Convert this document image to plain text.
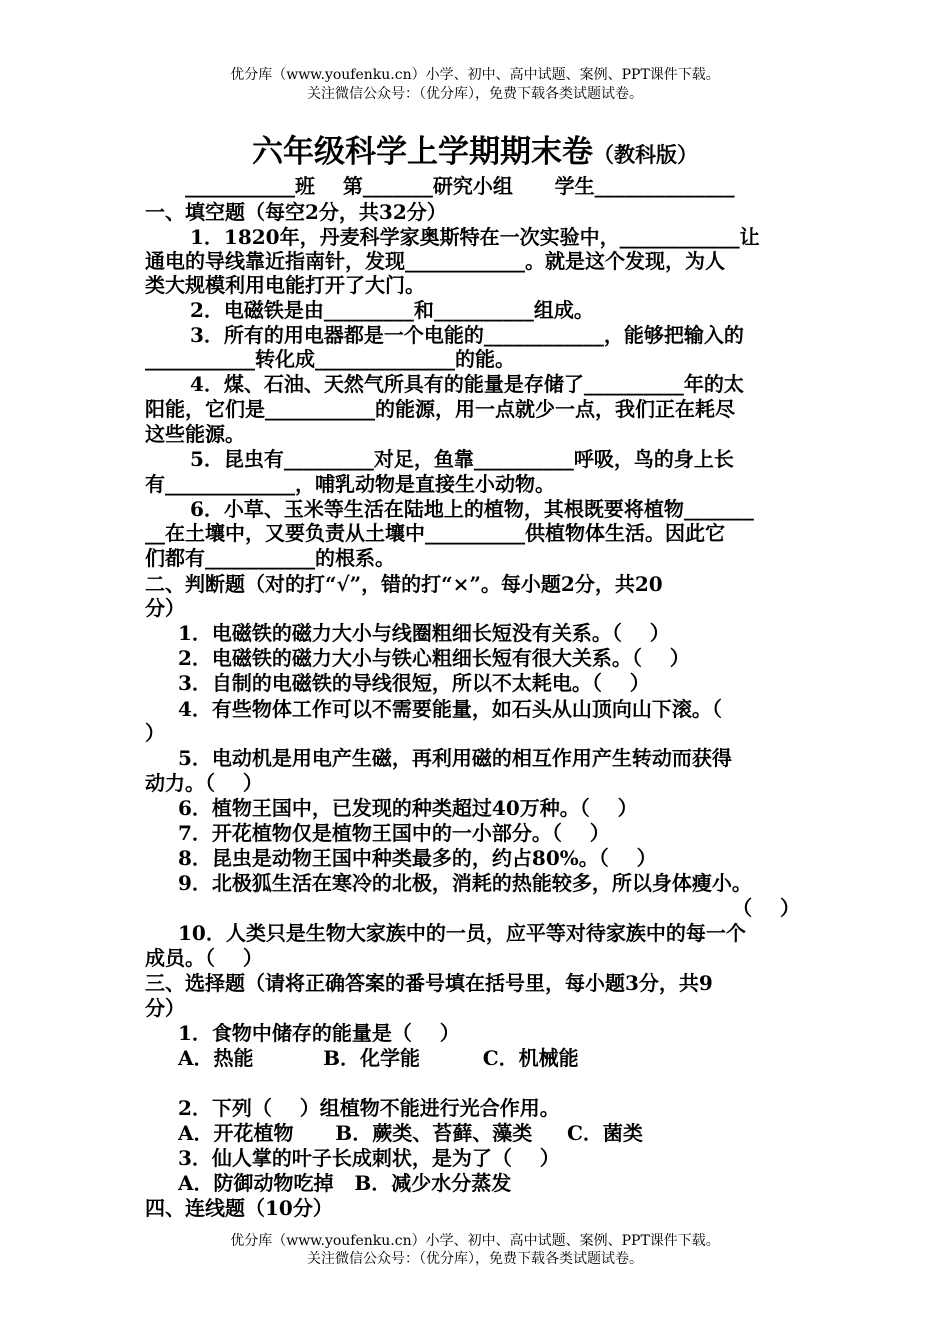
优分库（www.youfenku.cn）小学、初中、高中试题、案例、PPT课件下载。
关注微信公众号：（优分库），免费下载各类试题试卷。
六年级科学上学期期末卷（教科版）
___________班    第_______研究小组      学生______________
一、填空题（每空2分，共32分）
1．1820年，丹麦科学家奥斯特在一次实验中，____________让
通电的导线靠近指南针，发现____________。就是这个发现，为人
类大规模利用电能打开了大门。
2．电磁铁是由_________和__________组成。
3．所有的用电器都是一个电能的____________，能够把输入的
___________转化成______________的能。
4．煤、石油、天然气所具有的能量是存储了__________年的太
阳能，它们是___________的能源，用一点就少一点，我们正在耗尽
这些能源。
5．昆虫有_________对足，鱼靠__________呼吸，鸟的身上长
有_____________，哺乳动物是直接生小动物。
6．小草、玉米等生活在陆地上的植物，其根既要将植物_______
__在土壤中，又要负责从土壤中__________供植物体生活。因此它
们都有___________的根系。
二、判断题（对的打“√”，错的打“×”。每小题2分，共20
分）
1．电磁铁的磁力大小与线圈粗细长短没有关系。（    ）
2．电磁铁的磁力大小与铁心粗细长短有很大关系。（    ）
3．自制的电磁铁的导线很短，所以不太耗电。（    ）
4．有些物体工作可以不需要能量，如石头从山顶向山下滚。（
）
5．电动机是用电产生磁，再利用磁的相互作用产生转动而获得
动力。（    ）
6．植物王国中，已发现的种类超过40万种。（    ）
7．开花植物仅是植物王国中的一小部分。（    ）
8．昆虫是动物王国中种类最多的，约占80%。（    ）
9．北极狐生活在寒冷的北极，消耗的热能较多，所以身体瘦小。
（    ）
10．人类只是生物大家族中的一员，应平等对待家族中的每一个
成员。（    ）
三、选择题（请将正确答案的番号填在括号里，每小题3分，共9
分）
1．食物中储存的能量是（    ）
A．热能          B．化学能         C．机械能
2．下列（    ）组植物不能进行光合作用。
A．开花植物      B．蕨类、苔藓、藻类     C．菌类
3．仙人掌的叶子长成刺状，是为了（    ）
A．防御动物吃掉   B．减少水分蒸发
四、连线题（10分）
优分库（www.youfenku.cn）小学、初中、高中试题、案例、PPT课件下载。
关注微信公众号：（优分库），免费下载各类试题试卷。
